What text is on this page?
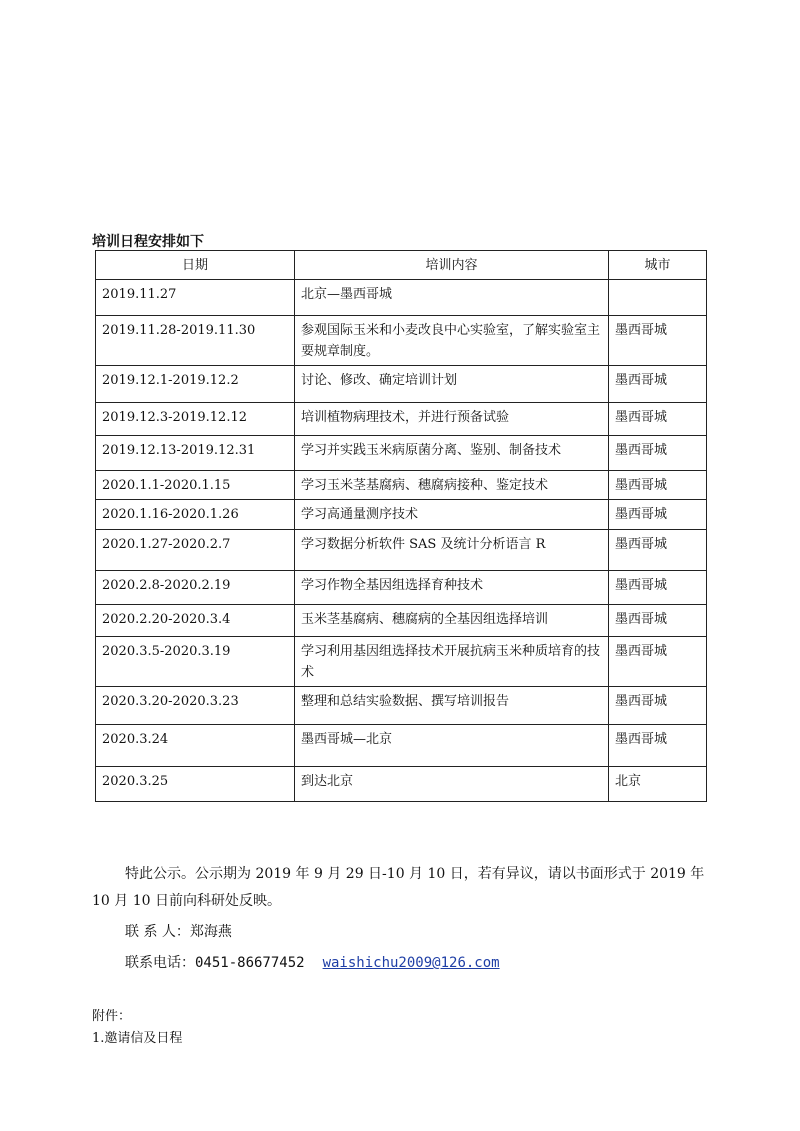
培训日程安排如下
日期	培训内容	城市
2019.11.27	北京—墨西哥城	
2019.11.28-2019.11.30	参观国际玉米和小麦改良中心实验室，了解实验室主要规章制度。	墨西哥城
2019.12.1-2019.12.2	讨论、修改、确定培训计划	墨西哥城
2019.12.3-2019.12.12	培训植物病理技术，并进行预备试验	墨西哥城
2019.12.13-2019.12.31	学习并实践玉米病原菌分离、鉴别、制备技术	墨西哥城
2020.1.1-2020.1.15	学习玉米茎基腐病、穗腐病接种、鉴定技术	墨西哥城
2020.1.16-2020.1.26	学习高通量测序技术	墨西哥城
2020.1.27-2020.2.7	学习数据分析软件 SAS 及统计分析语言 R	墨西哥城
2020.2.8-2020.2.19	学习作物全基因组选择育种技术	墨西哥城
2020.2.20-2020.3.4	玉米茎基腐病、穗腐病的全基因组选择培训	墨西哥城
2020.3.5-2020.3.19	学习利用基因组选择技术开展抗病玉米种质培育的技术	墨西哥城
2020.3.20-2020.3.23	整理和总结实验数据、撰写培训报告	墨西哥城
2020.3.24	墨西哥城—北京	墨西哥城
2020.3.25	到达北京	北京

特此公示。公示期为 2019 年 9 月 29 日-10 月 10 日，若有异议，请以书面形式于 2019 年 10 月 10 日前向科研处反映。

联 系 人：郑海燕

联系电话：0451-86677452 waishichu2009@126.com

附件：
1.邀请信及日程
